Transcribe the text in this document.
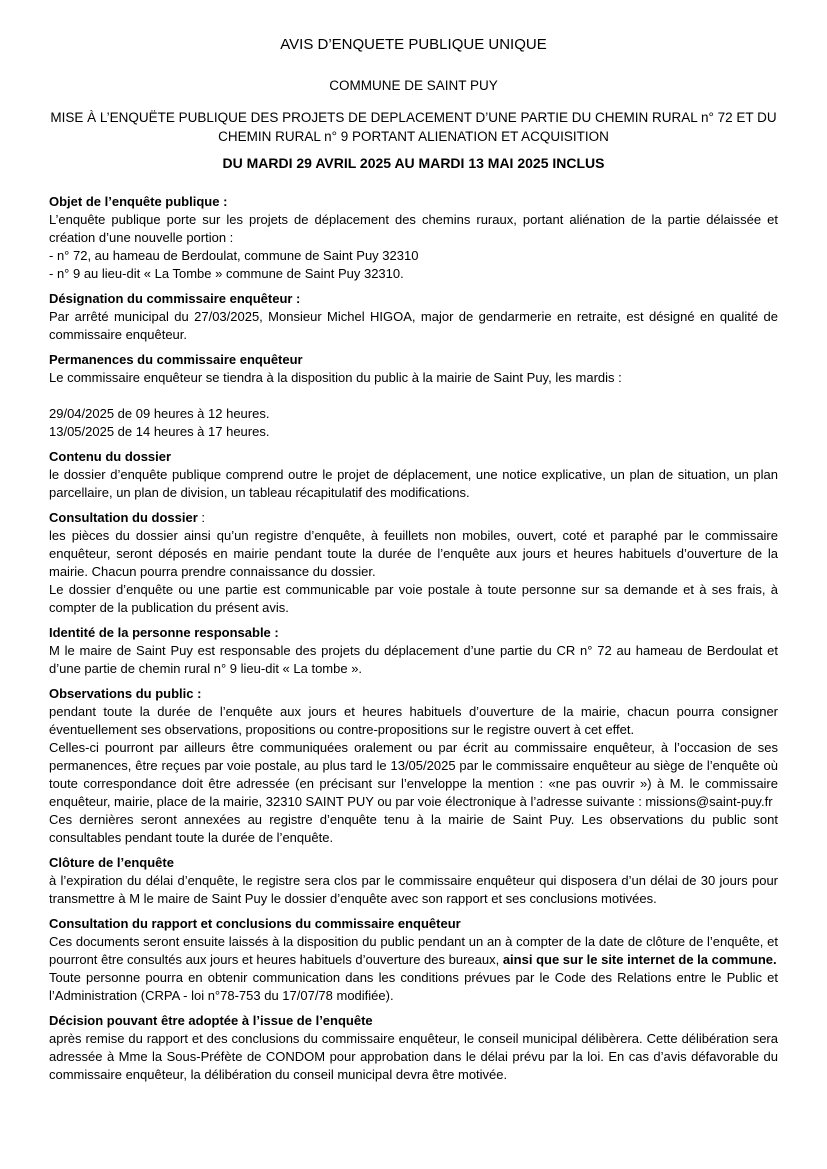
AVIS D’ENQUETE PUBLIQUE UNIQUE
COMMUNE DE SAINT PUY
MISE À L’ENQUËTE PUBLIQUE DES PROJETS DE DEPLACEMENT D’UNE PARTIE DU CHEMIN RURAL n° 72 ET DU CHEMIN RURAL n° 9 PORTANT ALIENATION ET ACQUISITION
DU MARDI 29 AVRIL 2025 AU MARDI 13 MAI 2025 INCLUS
Objet de l’enquête publique :

L’enquête publique porte sur les projets de déplacement des chemins ruraux, portant aliénation de la partie délaissée et création d’une nouvelle portion :

- n° 72, au hameau de Berdoulat, commune de Saint Puy 32310

- n° 9 au lieu-dit « La Tombe » commune de Saint Puy 32310.

Désignation du commissaire enquêteur :

Par arrêté municipal du 27/03/2025, Monsieur Michel HIGOA, major de gendarmerie en retraite, est désigné en qualité de commissaire enquêteur.

Permanences du commissaire enquêteur

Le commissaire enquêteur se tiendra à la disposition du public à la mairie de Saint Puy, les mardis :

29/04/2025 de 09 heures à 12 heures.

13/05/2025 de 14 heures à 17 heures.

Contenu du dossier

le dossier d’enquête publique comprend outre le projet de déplacement, une notice explicative, un plan de situation, un plan parcellaire, un plan de division, un tableau récapitulatif des modifications.

Consultation du dossier :

les pièces du dossier ainsi qu’un registre d’enquête, à feuillets non mobiles, ouvert, coté et paraphé par le commissaire enquêteur, seront déposés en mairie pendant toute la durée de l’enquête aux jours et heures habituels d’ouverture de la mairie. Chacun pourra prendre connaissance du dossier.

Le dossier d’enquête ou une partie est communicable par voie postale à toute personne sur sa demande et à ses frais, à compter de la publication du présent avis.

Identité de la personne responsable :

M le maire de Saint Puy est responsable des projets du déplacement d’une partie du CR n° 72 au hameau de Berdoulat et d’une partie de chemin rural n° 9 lieu-dit « La tombe ».

Observations du public :

pendant toute la durée de l’enquête aux jours et heures habituels d’ouverture de la mairie, chacun pourra consigner éventuellement ses observations, propositions ou contre-propositions sur le registre ouvert à cet effet.

Celles-ci pourront par ailleurs être communiquées oralement ou par écrit au commissaire enquêteur, à l’occasion de ses permanences, être reçues par voie postale, au plus tard le 13/05/2025 par le commissaire enquêteur au siège de l’enquête où toute correspondance doit être adressée (en précisant sur l’enveloppe la mention : «ne pas ouvrir ») à M. le commissaire enquêteur, mairie, place de la mairie, 32310 SAINT PUY ou par voie électronique à l’adresse suivante : missions@saint-puy.fr

Ces dernières seront annexées au registre d’enquête tenu à la mairie de Saint Puy. Les observations du public sont consultables pendant toute la durée de l’enquête.

Clôture de l’enquête

à l’expiration du délai d’enquête, le registre sera clos par le commissaire enquêteur qui disposera d’un délai de 30 jours pour transmettre à M le maire de Saint Puy le dossier d’enquête avec son rapport et ses conclusions motivées.

Consultation du rapport et conclusions du commissaire enquêteur

Ces documents seront ensuite laissés à la disposition du public pendant un an à compter de la date de clôture de l’enquête, et pourront être consultés aux jours et heures habituels d’ouverture des bureaux, ainsi que sur le site internet de la commune.

Toute personne pourra en obtenir communication dans les conditions prévues par le Code des Relations entre le Public et l’Administration (CRPA - loi n°78-753 du 17/07/78 modifiée).

Décision pouvant être adoptée à l’issue de l’enquête

après remise du rapport et des conclusions du commissaire enquêteur, le conseil municipal délibèrera. Cette délibération sera adressée à Mme la Sous-Préfète de CONDOM pour approbation dans le délai prévu par la loi. En cas d’avis défavorable du commissaire enquêteur, la délibération du conseil municipal devra être motivée.
